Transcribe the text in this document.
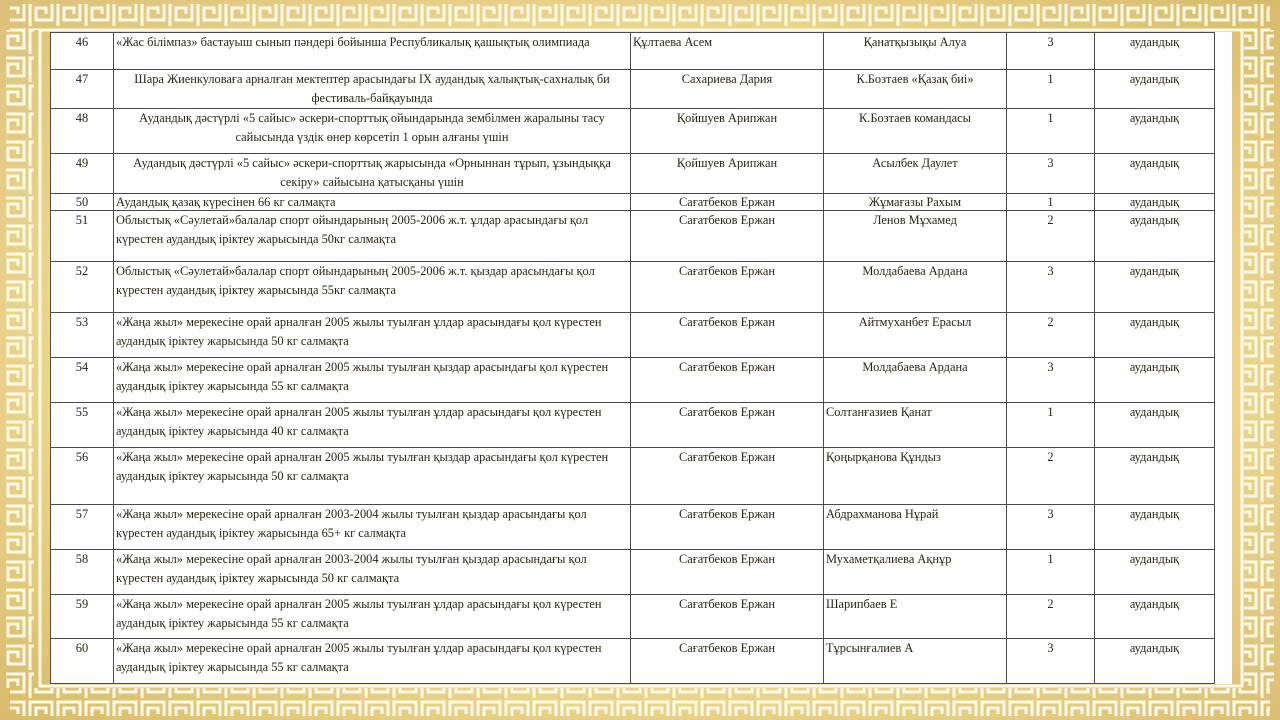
46	«Жас білімпаз» бастауыш сынып пәндері бойынша Республикалық қашықтық олимпиада	Құлтаева Асем	Қанатқызықы Алуа	3	аудандық
47	Шара Жиенкуловаға арналған мектептер арасындағы ІХ аудандық халықтық-сахналық би фестиваль-байқауында	Сахариева Дария	К.Бозтаев «Қазақ биі»	1	аудандық
48	Аудандық дәстүрлі «5 сайыс» әскери-спорттық ойындарында зембілмен жаралыны тасу сайысында үздік өнер көрсетіп 1 орын алғаны үшін	Қойшуев Арипжан	К.Бозтаев командасы	1	аудандық
49	Аудандық дәстүрлі «5 сайыс» әскери-спорттық жарысында «Орныннан тұрып, ұзындыққа секіру» сайысына қатысқаны үшін	Қойшуев Арипжан	Асылбек Даулет	3	аудандық
50	Аудандық қазақ күресінен 66 кг салмақта	Сағатбеков Ержан	Жұмағазы Рахым	1	аудандық
51	Облыстық «Сәулетай»балалар спорт ойындарының 2005-2006 ж.т. ұлдар арасындағы қол күрестен аудандық іріктеу жарысында 50кг салмақта	Сағатбеков Ержан	Ленов Мұхамед	2	аудандық
52	Облыстық «Сәулетай»балалар спорт ойындарының 2005-2006 ж.т. қыздар арасындағы қол күрестен аудандық іріктеу жарысында 55кг салмақта	Сағатбеков Ержан	Молдабаева Ардана	3	аудандық
53	«Жаңа жыл» мерекесіне орай арналған 2005 жылы туылған ұлдар арасындағы қол күрестен аудандық іріктеу жарысында 50 кг салмақта	Сағатбеков Ержан	Айтмуханбет Ерасыл	2	аудандық
54	«Жаңа жыл» мерекесіне орай арналған 2005 жылы туылған қыздар арасындағы қол күрестен аудандық іріктеу жарысында 55 кг салмақта	Сағатбеков Ержан	Молдабаева Ардана	3	аудандық
55	«Жаңа жыл» мерекесіне орай арналған 2005 жылы туылған ұлдар арасындағы қол күрестен аудандық іріктеу жарысында 40 кг салмақта	Сағатбеков Ержан	Солтанғазиев Қанат	1	аудандық
56	«Жаңа жыл» мерекесіне орай арналған 2005 жылы туылған қыздар арасындағы қол күрестен аудандық іріктеу жарысында 50 кг салмақта	Сағатбеков Ержан	Қоңырқанова Құндыз	2	аудандық
57	«Жаңа жыл» мерекесіне орай арналған 2003-2004 жылы туылған қыздар арасындағы қол күрестен аудандық іріктеу жарысында 65+ кг салмақта	Сағатбеков Ержан	Абдрахманова Нұрай	3	аудандық
58	«Жаңа жыл» мерекесіне орай арналған 2003-2004 жылы туылған қыздар арасындағы қол күрестен аудандық іріктеу жарысында 50 кг салмақта	Сағатбеков Ержан	Мухаметқалиева Ақнұр	1	аудандық
59	«Жаңа жыл» мерекесіне орай арналған 2005 жылы туылған ұлдар арасындағы қол күрестен аудандық іріктеу жарысында 55 кг салмақта	Сағатбеков Ержан	Шарипбаев Е	2	аудандық
60	«Жаңа жыл» мерекесіне орай арналған 2005 жылы туылған ұлдар арасындағы қол күрестен аудандық іріктеу жарысында 55 кг салмақта	Сағатбеков Ержан	Тұрсынғалиев А	3	аудандық
